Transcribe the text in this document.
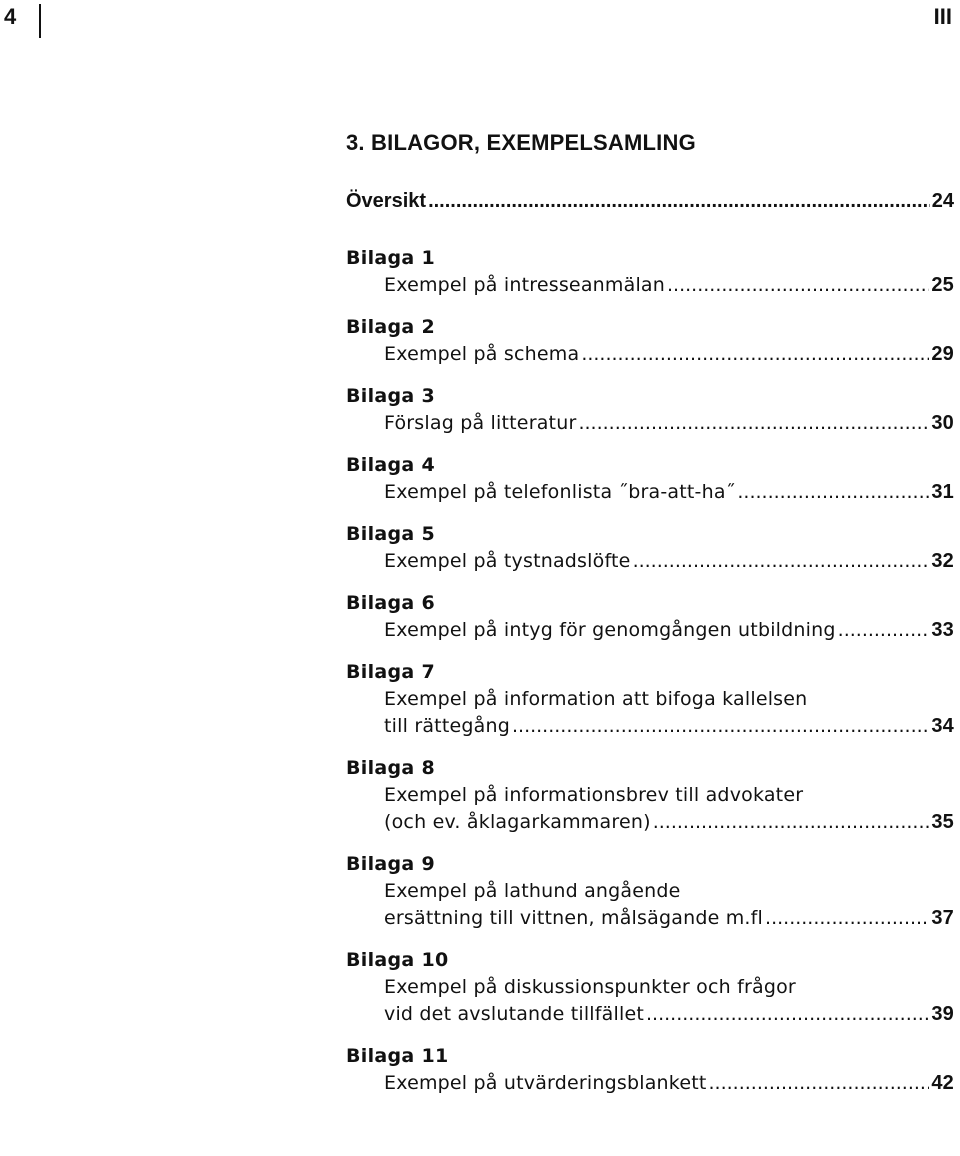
4	III
3. BILAGOR, EXEMPELSAMLING
Översikt .....	24
Bilaga 1
Exempel på intresseanmälan .....	25
Bilaga 2
Exempel på schema .....	29
Bilaga 3
Förslag på litteratur .....	30
Bilaga 4
Exempel på telefonlista ˝bra-att-ha˝ .....	31
Bilaga 5
Exempel på tystnadslöfte .....	32
Bilaga 6
Exempel på intyg för genomgången utbildning .....	33
Bilaga 7
Exempel på information att bifoga kallelsen
till rättegång .....	34
Bilaga 8
Exempel på informationsbrev till advokater
(och ev. åklagarkammaren) .....	35
Bilaga 9
Exempel på lathund angående
ersättning till vittnen, målsägande m.fl .....	37
Bilaga 10
Exempel på diskussionspunkter och frågor
vid det avslutande tillfället .....	39
Bilaga 11
Exempel på utvärderingsblankett .....	42
